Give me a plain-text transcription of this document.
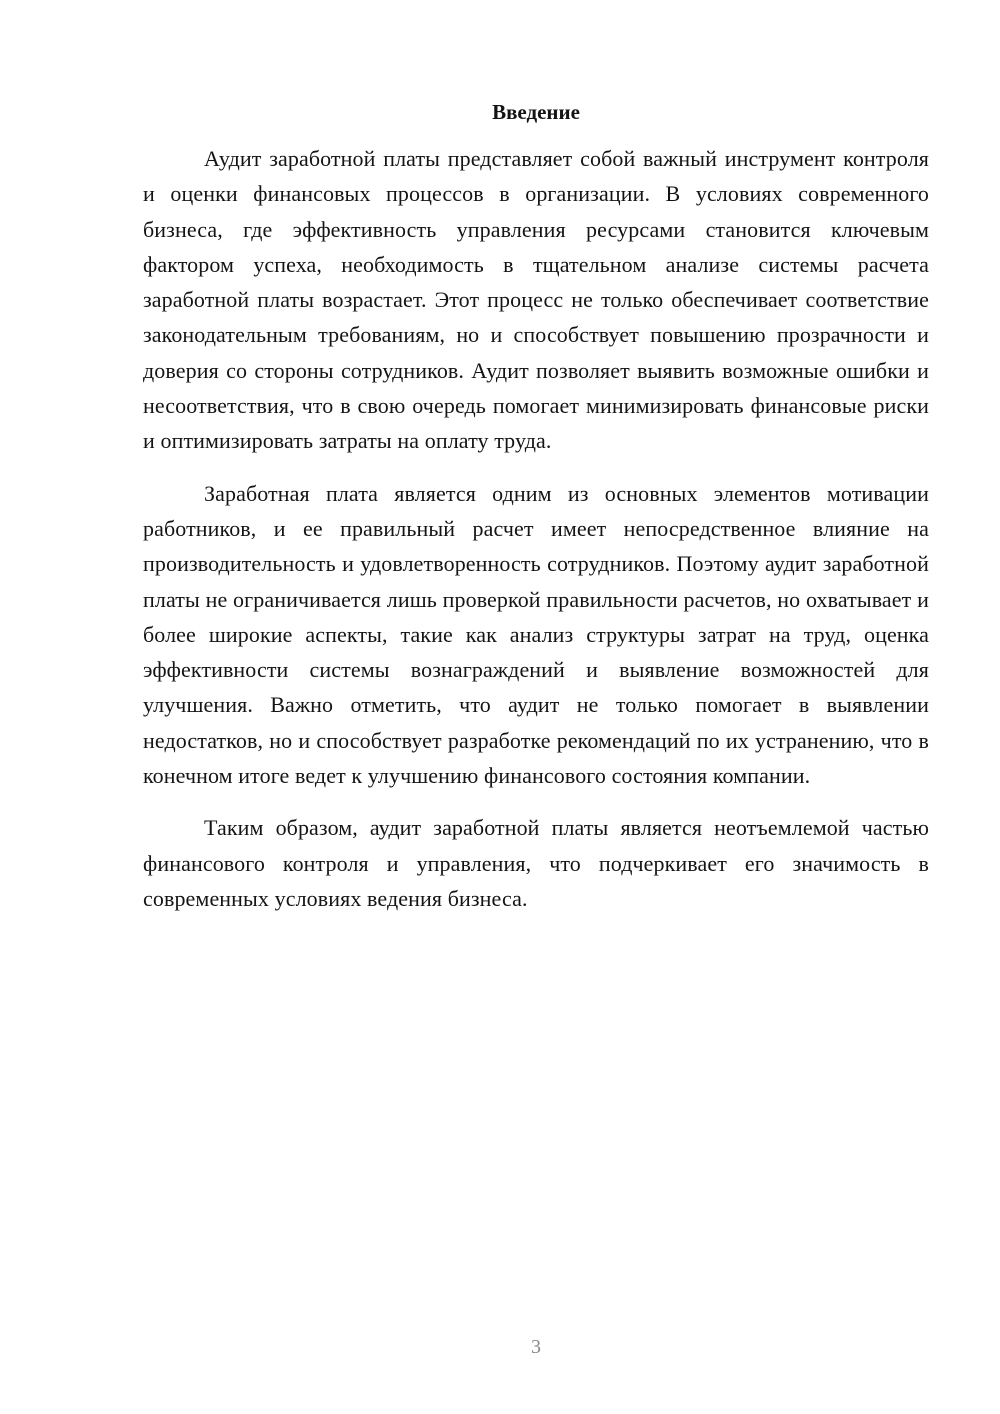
Введение

Аудит заработной платы представляет собой важный инструмент контроля и оценки финансовых процессов в организации. В условиях современного бизнеса, где эффективность управления ресурсами становится ключевым фактором успеха, необходимость в тщательном анализе системы расчета заработной платы возрастает. Этот процесс не только обеспечивает соответствие законодательным требованиям, но и способствует повышению прозрачности и доверия со стороны сотрудников. Аудит позволяет выявить возможные ошибки и несоответствия, что в свою очередь помогает минимизировать финансовые риски и оптимизировать затраты на оплату труда.

Заработная плата является одним из основных элементов мотивации работников, и ее правильный расчет имеет непосредственное влияние на производительность и удовлетворенность сотрудников. Поэтому аудит заработной платы не ограничивается лишь проверкой правильности расчетов, но охватывает и более широкие аспекты, такие как анализ структуры затрат на труд, оценка эффективности системы вознаграждений и выявление возможностей для улучшения. Важно отметить, что аудит не только помогает в выявлении недостатков, но и способствует разработке рекомендаций по их устранению, что в конечном итоге ведет к улучшению финансового состояния компании.

Таким образом, аудит заработной платы является неотъемлемой частью финансового контроля и управления, что подчеркивает его значимость в современных условиях ведения бизнеса.

3
